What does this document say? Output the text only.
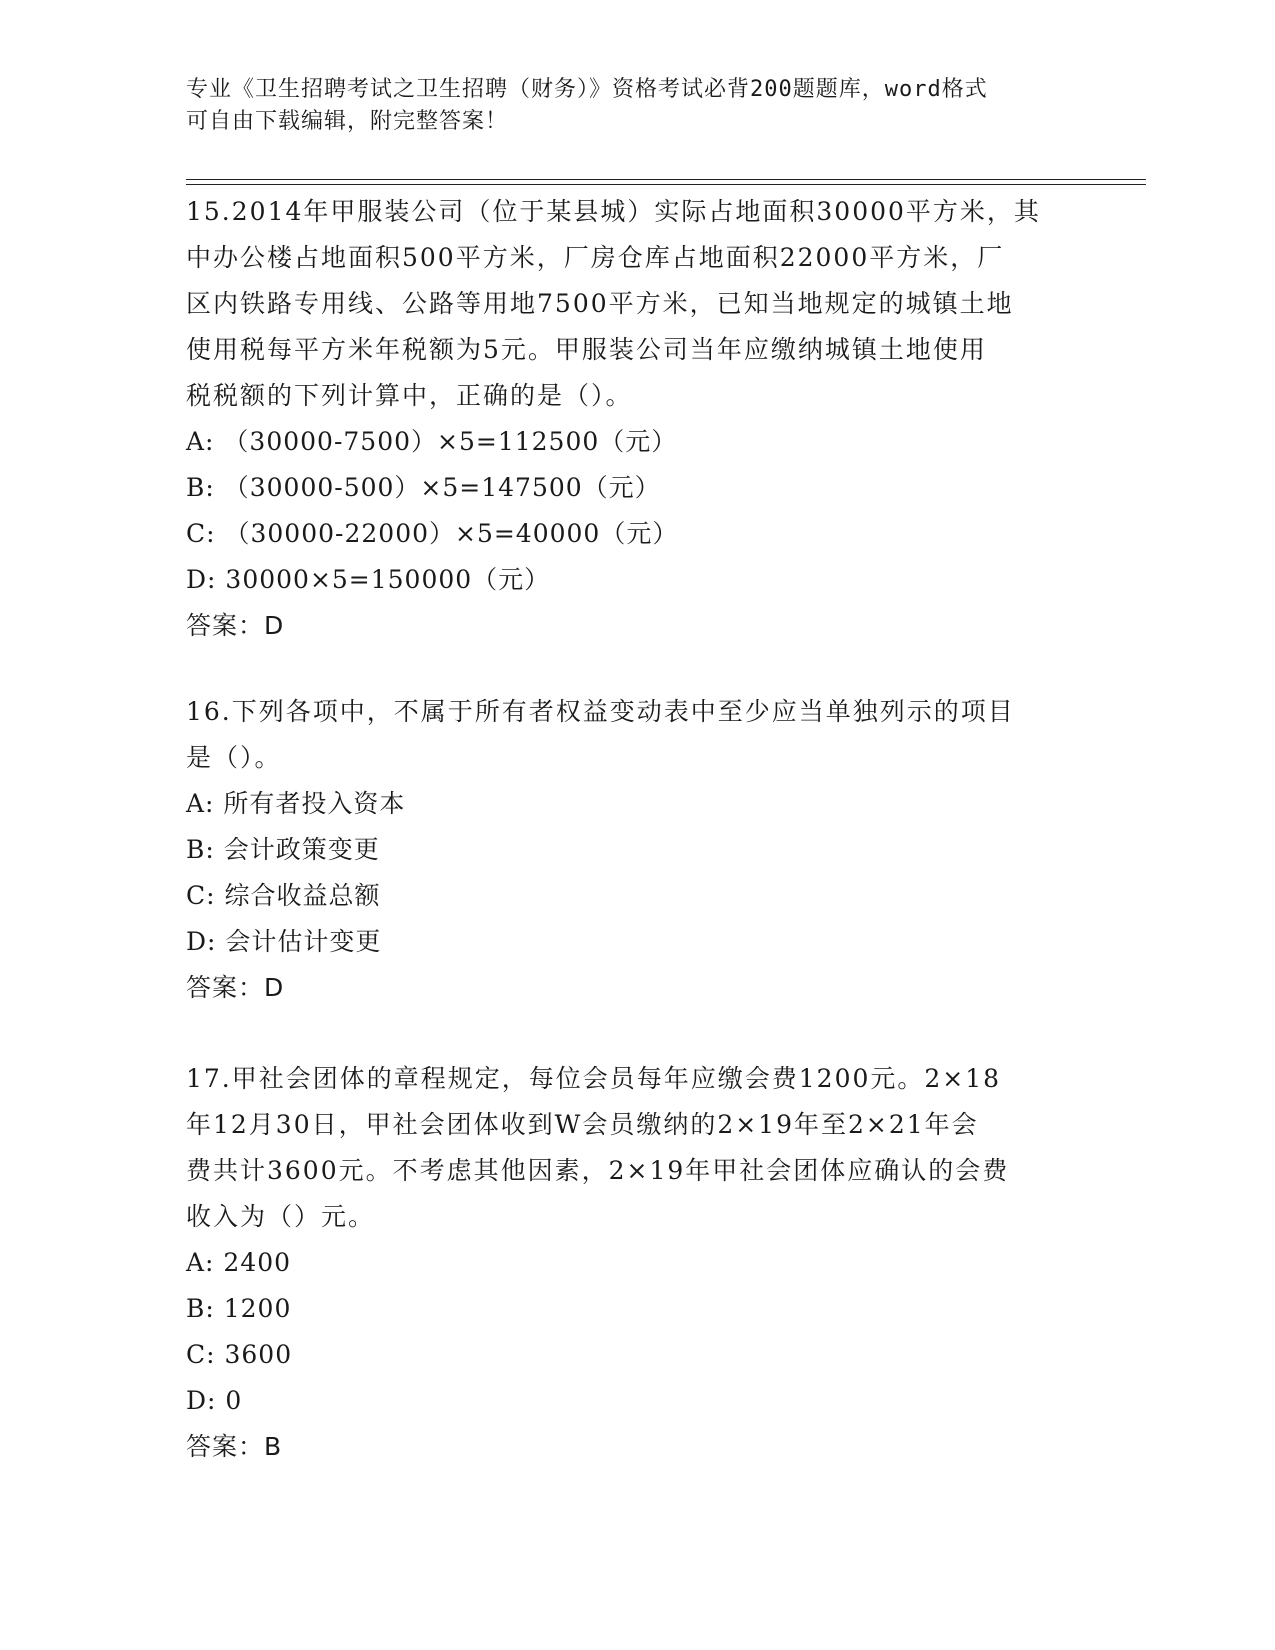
专业《卫生招聘考试之卫生招聘（财务）》资格考试必背200题题库，word格式
可自由下载编辑，附完整答案！
15.2014年甲服装公司（位于某县城）实际占地面积30000平方米，其
中办公楼占地面积500平方米，厂房仓库占地面积22000平方米，厂
区内铁路专用线、公路等用地7500平方米，已知当地规定的城镇土地
使用税每平方米年税额为5元。甲服装公司当年应缴纳城镇土地使用
税税额的下列计算中，正确的是（）。
A: （30000-7500）×5=112500（元）
B: （30000-500）×5=147500（元）
C: （30000-22000）×5=40000（元）
D: 30000×5=150000（元）
答案：D
16.下列各项中，不属于所有者权益变动表中至少应当单独列示的项目
是（）。
A: 所有者投入资本
B: 会计政策变更
C: 综合收益总额
D: 会计估计变更
答案：D
17.甲社会团体的章程规定，每位会员每年应缴会费1200元。2×18
年12月30日，甲社会团体收到W会员缴纳的2×19年至2×21年会
费共计3600元。不考虑其他因素，2×19年甲社会团体应确认的会费
收入为（）元。
A: 2400
B: 1200
C: 3600
D: 0
答案：B
